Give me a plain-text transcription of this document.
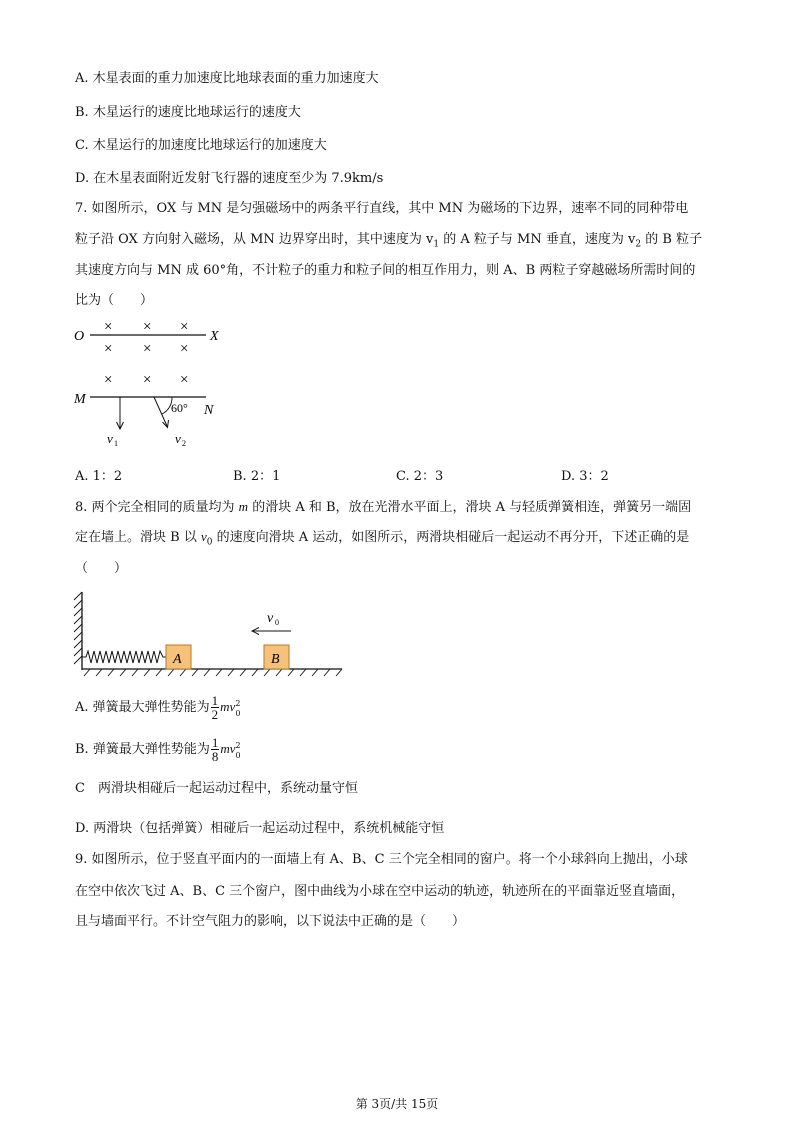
A. 木星表面的重力加速度比地球表面的重力加速度大
B. 木星运行的速度比地球运行的速度大
C. 木星运行的加速度比地球运行的加速度大
D. 在木星表面附近发射飞行器的速度至少为 7.9km/s
7. 如图所示，OX 与 MN 是匀强磁场中的两条平行直线，其中 MN 为磁场的下边界，速率不同的同种带电
粒子沿 OX 方向射入磁场，从 MN 边界穿出时，其中速度为 $v_1$ 的 A 粒子与 MN 垂直，速度为 $v_2$ 的 B 粒子
其速度方向与 MN 成 60°角，不计粒子的重力和粒子间的相互作用力，则 A、B 两粒子穿越磁场所需时间的
比为（　　）
O	X
× × ×
× × ×
× × ×
M
N
v 1
60°
v 2
A. 1：2	B. 2：1	C. 2：3	D. 3：2
8. 两个完全相同的质量均为 m 的滑块 A 和 B，放在光滑水平面上，滑块 A 与轻质弹簧相连，弹簧另一端固
定在墙上。滑块 B 以 $v_0$ 的速度向滑块 A 运动，如图所示，两滑块相碰后一起运动不再分开，下述正确的是
（　　）
A	B
v 0
A. 弹簧最大弹性势能为 $\frac{1}{2}$ mv 2
0
B. 弹簧最大弹性势能为 $\frac{1}{8}$ mv 2
0
C　两滑块相碰后一起运动过程中，系统动量守恒
D. 两滑块（包括弹簧）相碰后一起运动过程中，系统机械能守恒
9. 如图所示，位于竖直平面内的一面墙上有 A、B、C 三个完全相同的窗户。将一个小球斜向上抛出，小球
在空中依次飞过 A、B、C 三个窗户，图中曲线为小球在空中运动的轨迹，轨迹所在的平面靠近竖直墙面，
且与墙面平行。不计空气阻力的影响，以下说法中正确的是（　　）
第 3页/共 15页
